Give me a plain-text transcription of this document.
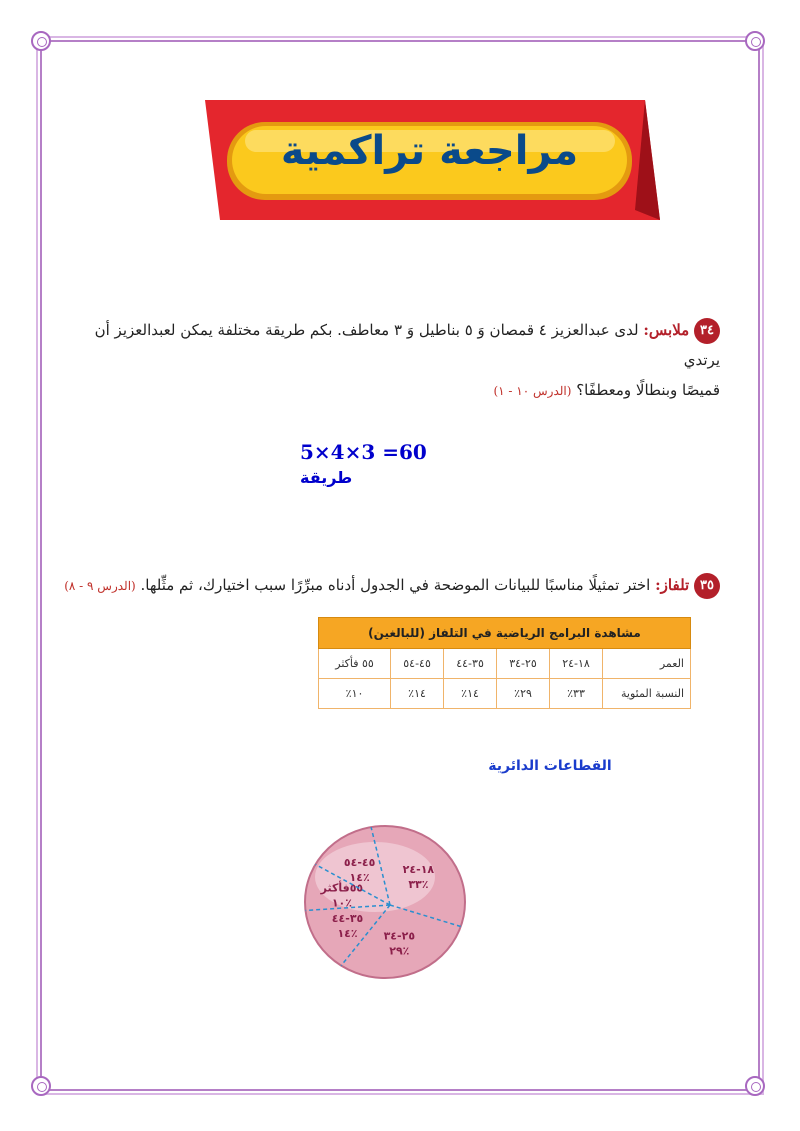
مراجعة تراكمية
٣٤ ملابس: لدى عبدالعزيز ٤ قمصان وَ ٥ بناطيل وَ ٣ معاطف. بكم طريقة مختلفة يمكن لعبدالعزيز أن يرتدي
قميصًا وبنطالًا ومعطفًا؟ (الدرس ١٠ - ١)
5×4×3 =60 طريقة
٣٥ تلفاز: اختر تمثيلًا مناسبًا للبيانات الموضحة في الجدول أدناه مبرِّرًا سبب اختيارك، ثم مثِّلها. (الدرس ٩ - ٨)
مشاهدة البرامج الرياضية في التلفاز (للبالغين)					
العمر	١٨-٢٤	٢٥-٣٤	٣٥-٤٤	٤٥-٥٤	٥٥ فأكثر
النسبة المئوية	٣٣٪	٢٩٪	١٤٪	١٤٪	١٠٪
القطاعات الدائرية
١٨-٢٤
٣٣٪
٢٥-٣٤
٢٩٪
٣٥-٤٤
١٤٪
٥٥فأكثر
١٠٪
٤٥-٥٤
١٤٪
